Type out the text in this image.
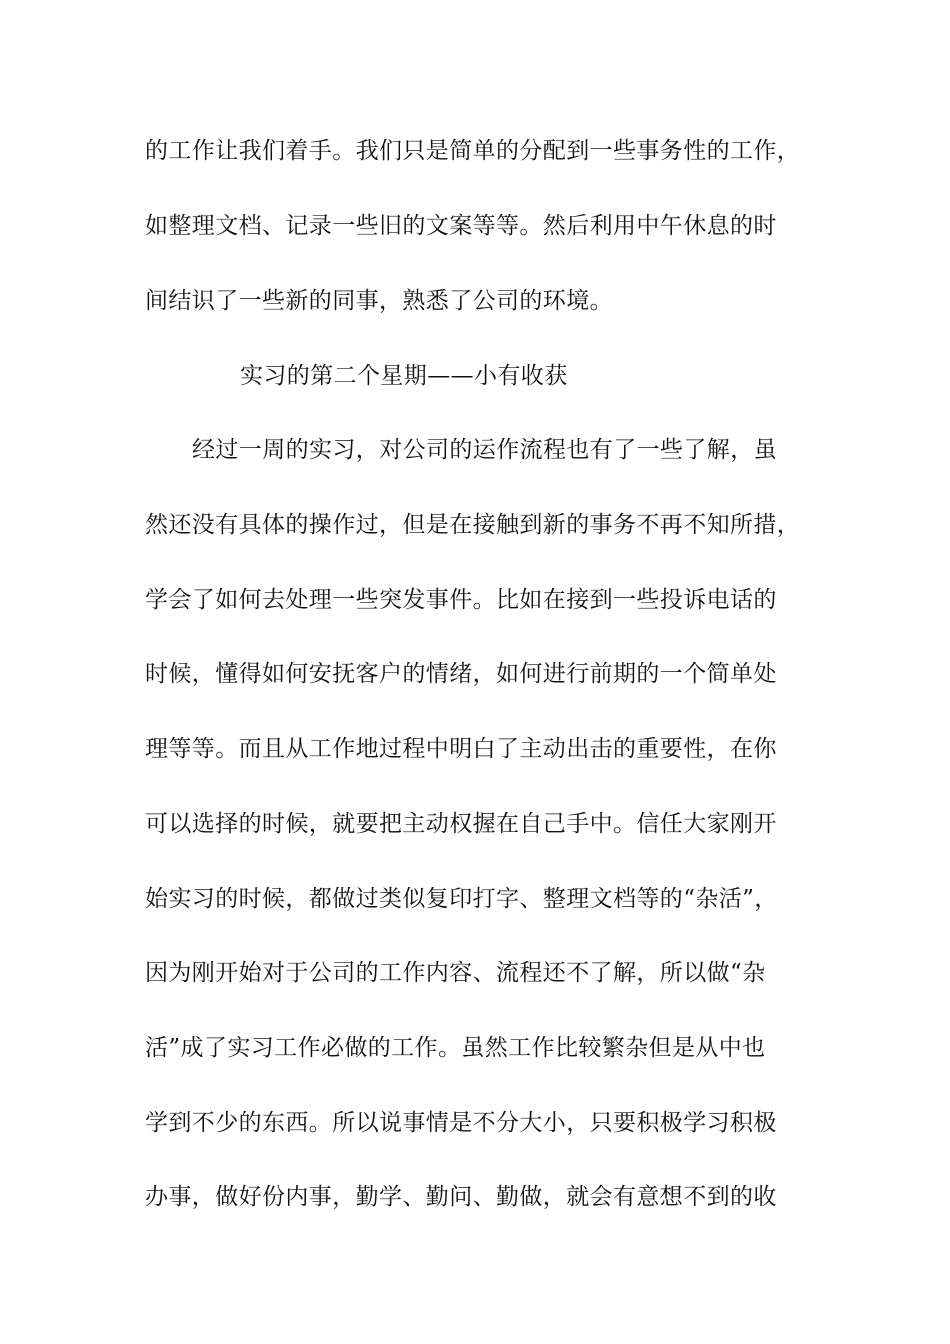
的工作让我们着手。我们只是简单的分配到一些事务性的工作，
如整理文档、记录一些旧的文案等等。然后利用中午休息的时
间结识了一些新的同事，熟悉了公司的环境。
实习的第二个星期——小有收获
经过一周的实习，对公司的运作流程也有了一些了解，虽
然还没有具体的操作过，但是在接触到新的事务不再不知所措，
学会了如何去处理一些突发事件。比如在接到一些投诉电话的
时候，懂得如何安抚客户的情绪，如何进行前期的一个简单处
理等等。而且从工作地过程中明白了主动出击的重要性，在你
可以选择的时候，就要把主动权握在自己手中。信任大家刚开
始实习的时候，都做过类似复印打字、整理文档等的“杂活”，
因为刚开始对于公司的工作内容、流程还不了解，所以做“杂
活”成了实习工作必做的工作。虽然工作比较繁杂但是从中也
学到不少的东西。所以说事情是不分大小，只要积极学习积极
办事，做好份内事，勤学、勤问、勤做，就会有意想不到的收
